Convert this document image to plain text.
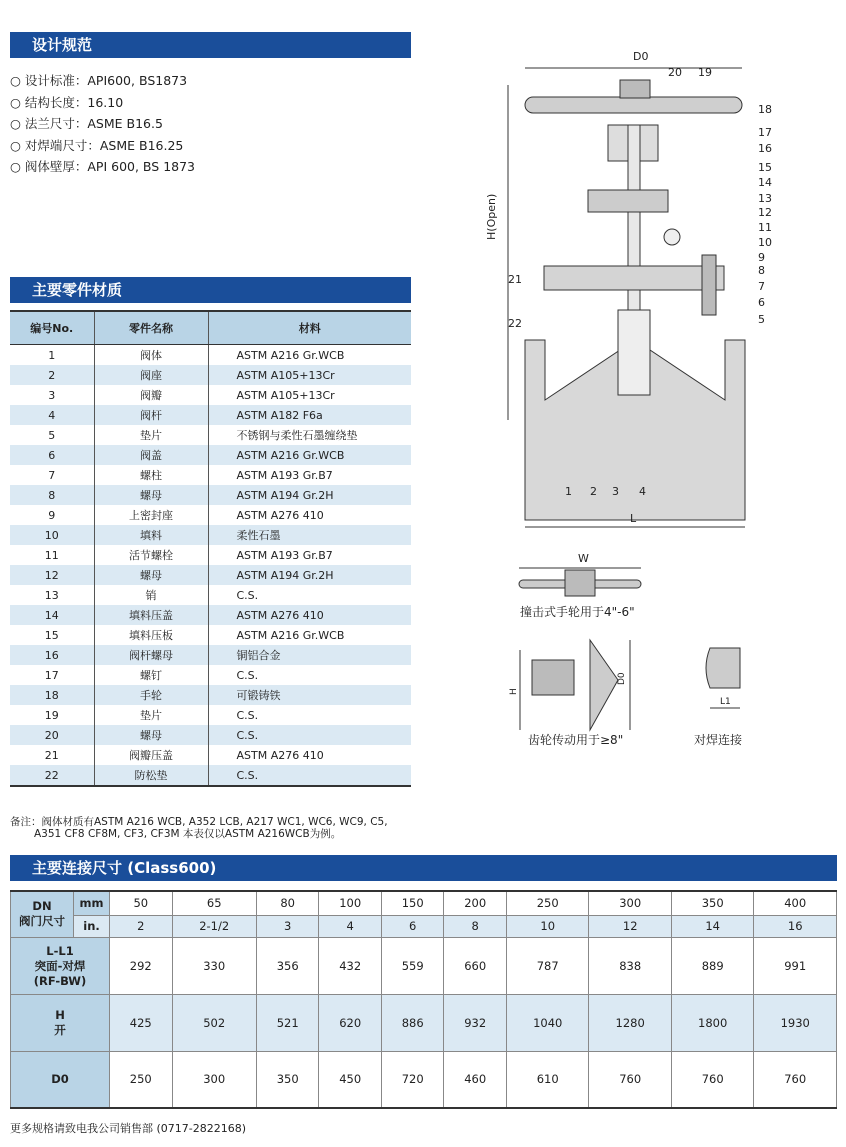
设计规范
主要零件材质
主要连接尺寸 (Class600)
○ 设计标准：API600, BS1873
○ 结构长度：16.10
○ 法兰尺寸：ASME B16.5
○ 对焊端尺寸：ASME B16.25
○ 阀体壁厚：API 600, BS 1873
编号No.	零件名称	材料
1	阀体	ASTM A216 Gr.WCB
2	阀座	ASTM A105+13Cr
3	阀瓣	ASTM A105+13Cr
4	阀杆	ASTM A182 F6a
5	垫片	不锈钢与柔性石墨缠绕垫
6	阀盖	ASTM A216 Gr.WCB
7	螺柱	ASTM A193 Gr.B7
8	螺母	ASTM A194 Gr.2H
9	上密封座	ASTM A276 410
10	填料	柔性石墨
11	活节螺栓	ASTM A193 Gr.B7
12	螺母	ASTM A194 Gr.2H
13	销	C.S.
14	填料压盖	ASTM A276 410
15	填料压板	ASTM A216 Gr.WCB
16	阀杆螺母	铜铝合金
17	螺钉	C.S.
18	手轮	可锻铸铁
19	垫片	C.S.
20	螺母	C.S.
21	阀瓣压盖	ASTM A276 410
22	防松垫	C.S.
备注：阀体材质有ASTM A216 WCB, A352 LCB, A217 WC1, WC6, WC9, C5,
A351 CF8 CF8M, CF3, CF3M 本表仅以ASTM A216WCB为例。
DN
阀门尺寸	mm	50	65	80	100	150	200	250	300	350	400
	in.	2	2-1/2	3	4	6	8	10	12	14	16

L-L1
突面-对焊
(RF-BW)		292	330	356	432	559	660	787	838	889	991

H
开		425	502	521	620	886	932	1040	1280	1800	1930
D0		250	300	350	450	720	460	610	760	760	760
更多规格请致电我公司销售部 (0717-2822168)
D0
H(Open)
L
20 19
18
17
16
15
14
13
12
11
10
9
8
7
6
5
21
22
1 2 3 4
W
H
D0
L1
撞击式手轮用于4"-6"
齿轮传动用于≥8"	对焊连接
